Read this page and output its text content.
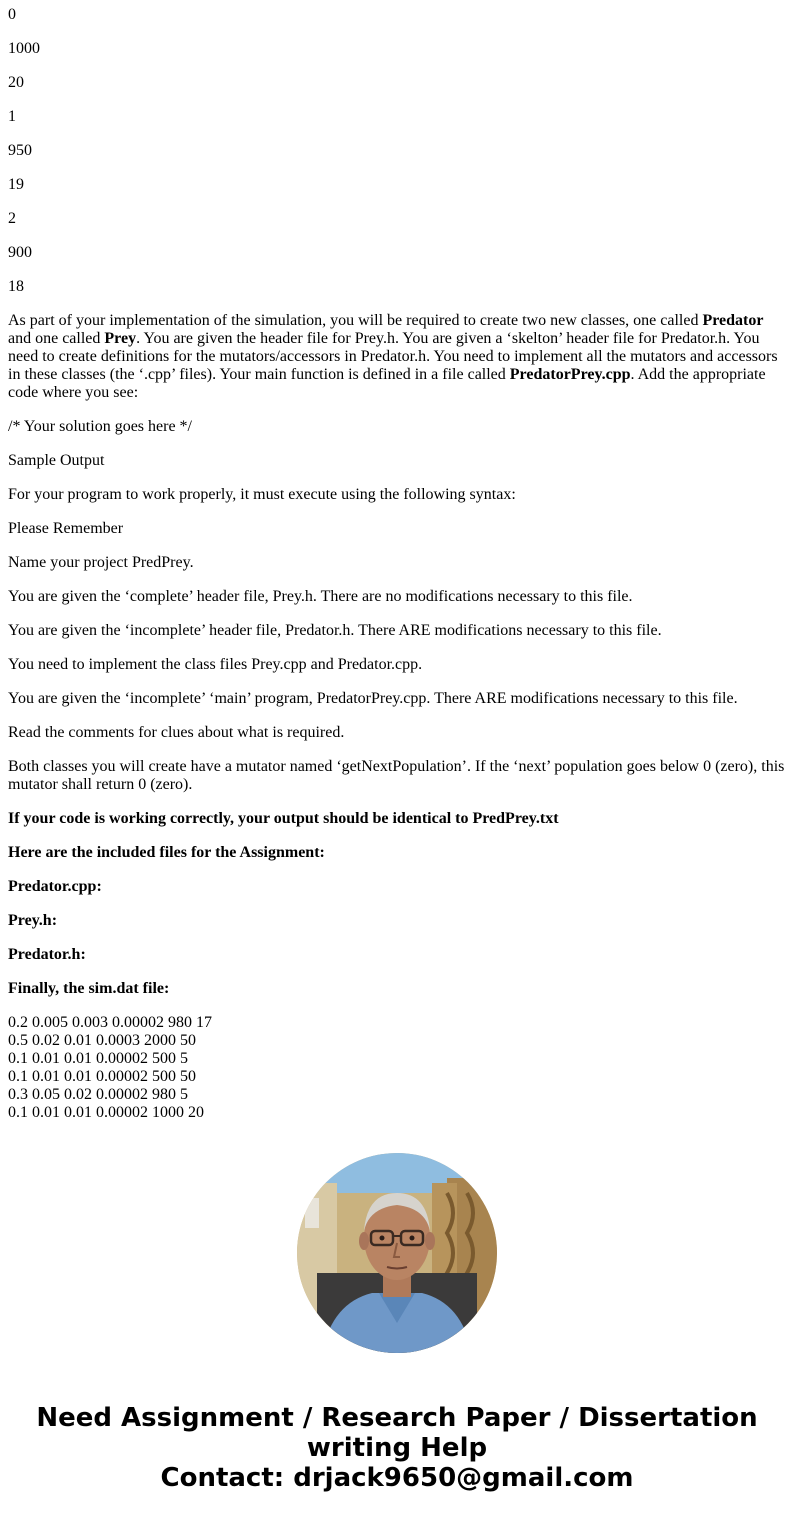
0
1000
20
1
950
19
2
900
18
As part of your implementation of the simulation, you will be required to create two new classes, one called Predator and one called Prey. You are given the header file for Prey.h. You are given a ‘skelton’ header file for Predator.h. You need to create definitions for the mutators/accessors in Predator.h. You need to implement all the mutators and accessors in these classes (the ‘.cpp’ files). Your main function is defined in a file called PredatorPrey.cpp. Add the appropriate code where you see:
/* Your solution goes here */
Sample Output
For your program to work properly, it must execute using the following syntax:
Please Remember
Name your project PredPrey.
You are given the ‘complete’ header file, Prey.h. There are no modifications necessary to this file.
You are given the ‘incomplete’ header file, Predator.h. There ARE modifications necessary to this file.
You need to implement the class files Prey.cpp and Predator.cpp.
You are given the ‘incomplete’ ‘main’ program, PredatorPrey.cpp. There ARE modifications necessary to this file.
Read the comments for clues about what is required.
Both classes you will create have a mutator named ‘getNextPopulation’. If the ‘next’ population goes below 0 (zero), this mutator shall return 0 (zero).
If your code is working correctly, your output should be identical to PredPrey.txt
Here are the included files for the Assignment:
Predator.cpp:
Prey.h:
Predator.h:
Finally, the sim.dat file:
0.2 0.005 0.003 0.00002 980 17
0.5 0.02 0.01 0.0003 2000 50
0.1 0.01 0.01 0.00002 500 5
0.1 0.01 0.01 0.00002 500 50
0.3 0.05 0.02 0.00002 980 5
0.1 0.01 0.01 0.00002 1000 20
Need Assignment / Research Paper / Dissertation
writing Help
Contact: drjack9650@gmail.com
